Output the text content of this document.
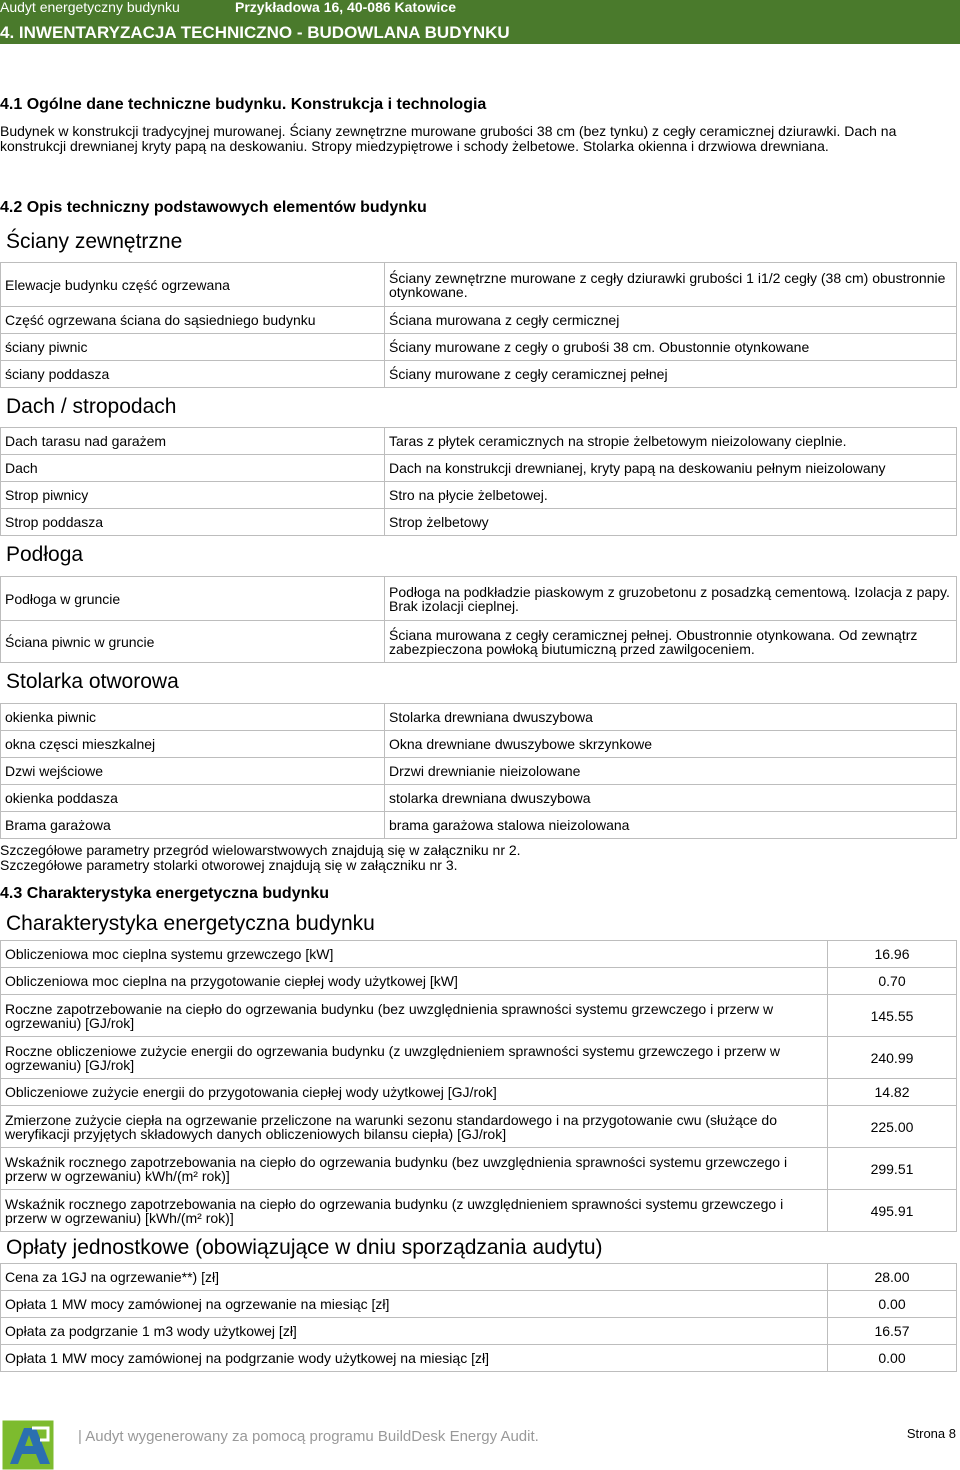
Audyt energetyczny budynku	Przykładowa 16, 40-086 Katowice
4. INWENTARYZACJA TECHNICZNO - BUDOWLANA BUDYNKU
4.1 Ogólne dane techniczne budynku. Konstrukcja i technologia
Budynek w konstrukcji tradycyjnej murowanej. Ściany zewnętrzne murowane grubości 38 cm (bez tynku) z cegły ceramicznej dziurawki. Dach na konstrukcji drewnianej kryty papą na deskowaniu. Stropy miedzypiętrowe i schody żelbetowe. Stolarka okienna i drzwiowa drewniana.
4.2 Opis techniczny podstawowych elementów budynku
Ściany zewnętrzne
Elewacje budynku część ogrzewana	Ściany zewnętrzne murowane z cegły dziurawki grubości 1 i1/2 cegły (38 cm) obustronnie otynkowane.
Część ogrzewana ściana do sąsiedniego budynku	Ściana murowana z cegły cermicznej
ściany piwnic	Ściany murowane z cegły o grubośi 38 cm. Obustonnie otynkowane
ściany poddasza	Ściany murowane z cegły ceramicznej pełnej
Dach / stropodach
Dach tarasu nad garażem	Taras z płytek ceramicznych na stropie żelbetowym nieizolowany cieplnie.
Dach	Dach na konstrukcji drewnianej, kryty papą na deskowaniu pełnym nieizolowany
Strop piwnicy	Stro na płycie żelbetowej.
Strop poddasza	Strop żelbetowy
Podłoga
Podłoga w gruncie	Podłoga na podkładzie piaskowym z gruzobetonu z posadzką cementową. Izolacja z papy. Brak izolacji cieplnej.
Ściana piwnic w gruncie	Ściana murowana z cegły ceramicznej pełnej. Obustronnie otynkowana. Od zewnątrz zabezpieczona powłoką biutumiczną przed zawilgoceniem.
Stolarka otworowa
okienka piwnic	Stolarka drewniana dwuszybowa
okna częsci mieszkalnej	Okna drewniane dwuszybowe skrzynkowe
Dzwi wejściowe	Drzwi drewnianie nieizolowane
okienka poddasza	stolarka drewniana dwuszybowa
Brama garażowa	brama garażowa stalowa nieizolowana
Szczegółowe parametry przegród wielowarstwowych znajdują się w załączniku nr 2.
Szczegółowe parametry stolarki otworowej znajdują się w załączniku nr 3.
4.3 Charakterystyka energetyczna budynku
Charakterystyka energetyczna budynku
Obliczeniowa moc cieplna systemu grzewczego [kW]	16.96
Obliczeniowa moc cieplna na przygotowanie ciepłej wody użytkowej [kW]	0.70
Roczne zapotrzebowanie na ciepło do ogrzewania budynku (bez uwzględnienia sprawności systemu grzewczego i przerw w ogrzewaniu) [GJ/rok]	145.55
Roczne obliczeniowe zużycie energii do ogrzewania budynku (z uwzględnieniem sprawności systemu grzewczego i przerw w ogrzewaniu) [GJ/rok]	240.99
Obliczeniowe zużycie energii do przygotowania ciepłej wody użytkowej [GJ/rok]	14.82
Zmierzone zużycie ciepła na ogrzewanie przeliczone na warunki sezonu standardowego i na przygotowanie cwu (służące do weryfikacji przyjętych składowych danych obliczeniowych bilansu ciepła) [GJ/rok]	225.00
Wskaźnik rocznego zapotrzebowania na ciepło do ogrzewania budynku (bez uwzględnienia sprawności systemu grzewczego i przerw w ogrzewaniu) kWh/(m² rok)]	299.51
Wskaźnik rocznego zapotrzebowania na ciepło do ogrzewania budynku (z uwzględnieniem sprawności systemu grzewczego i przerw w ogrzewaniu) [kWh/(m² rok)]	495.91
Opłaty jednostkowe (obowiązujące w dniu sporządzania audytu)
Cena za 1GJ na ogrzewanie**) [zł]	28.00
Opłata 1 MW mocy zamówionej na ogrzewanie na miesiąc [zł]	0.00
Opłata za podgrzanie 1 m3 wody użytkowej [zł]	16.57
Opłata 1 MW mocy zamówionej na podgrzanie wody użytkowej na miesiąc [zł]	0.00
| Audyt wygenerowany za pomocą programu BuildDesk Energy Audit.	Strona 8
